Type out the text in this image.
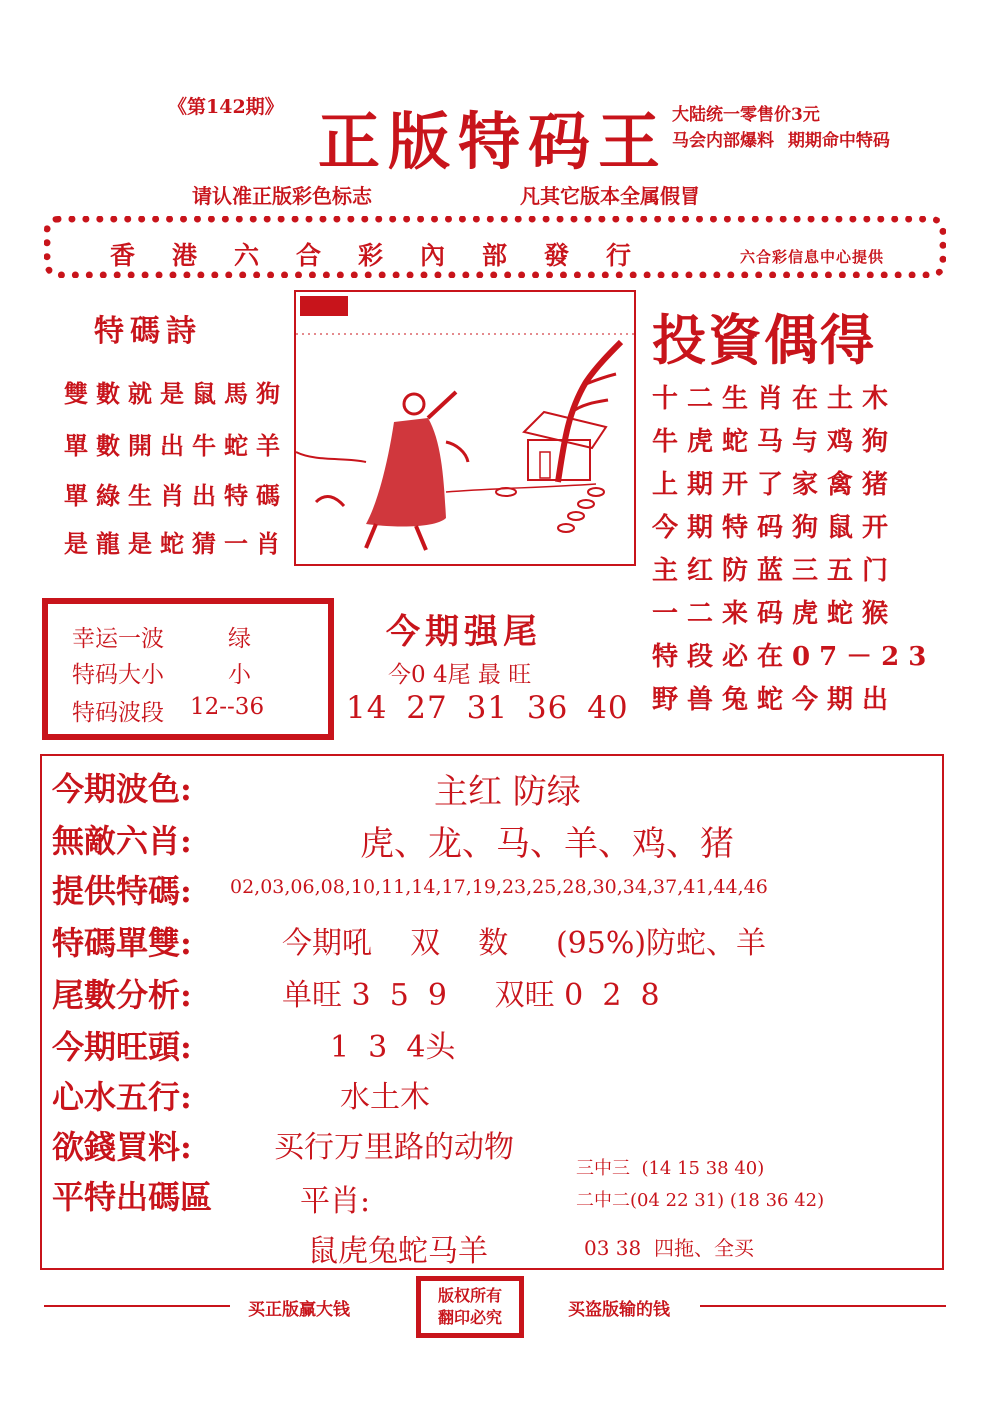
《第142期》 正版特码王 大陆统一零售价3元
马会内部爆料 期期命中特码
请认准正版彩色标志	凡其它版本全属假冒
香港六合彩內部發行	六合彩信息中心提供
特碼詩
雙數就是鼠馬狗
單數開出牛蛇羊
單綠生肖出特碼
是龍是蛇猜一肖
投資偶得
十二生肖在土木
牛虎蛇马与鸡狗
上期开了家禽猪
今期特码狗鼠开
主红防蓝三五门
一二来码虎蛇猴
特段必在07－23
野兽兔蛇今期出
幸运一波	绿
特码大小	小
特码波段 12--36
今期强尾
今0 4尾 最 旺
14 27 31 36 40
今期波色:	主红 防绿
無敵六肖:	虎、龙、马、羊、鸡、猪
提供特碼: 02,03,06,08,10,11,14,17,19,23,25,28,30,34,37,41,44,46
特碼單雙:	今期吼    双    数     (95%)防蛇、羊
尾數分析:	单旺 3  5  9     双旺 0  2  8
今期旺頭:	1  3  4头
心水五行:	水土木
欲錢買料:	买行万里路的动物
平特出碼區	平肖:
三中三  (14 15 38 40)
二中二(04 22 31) (18 36 42)
鼠虎兔蛇马羊	03 38  四拖、全买
买正版赢大钱
版权所有
翻印必究	买盗版输的钱
